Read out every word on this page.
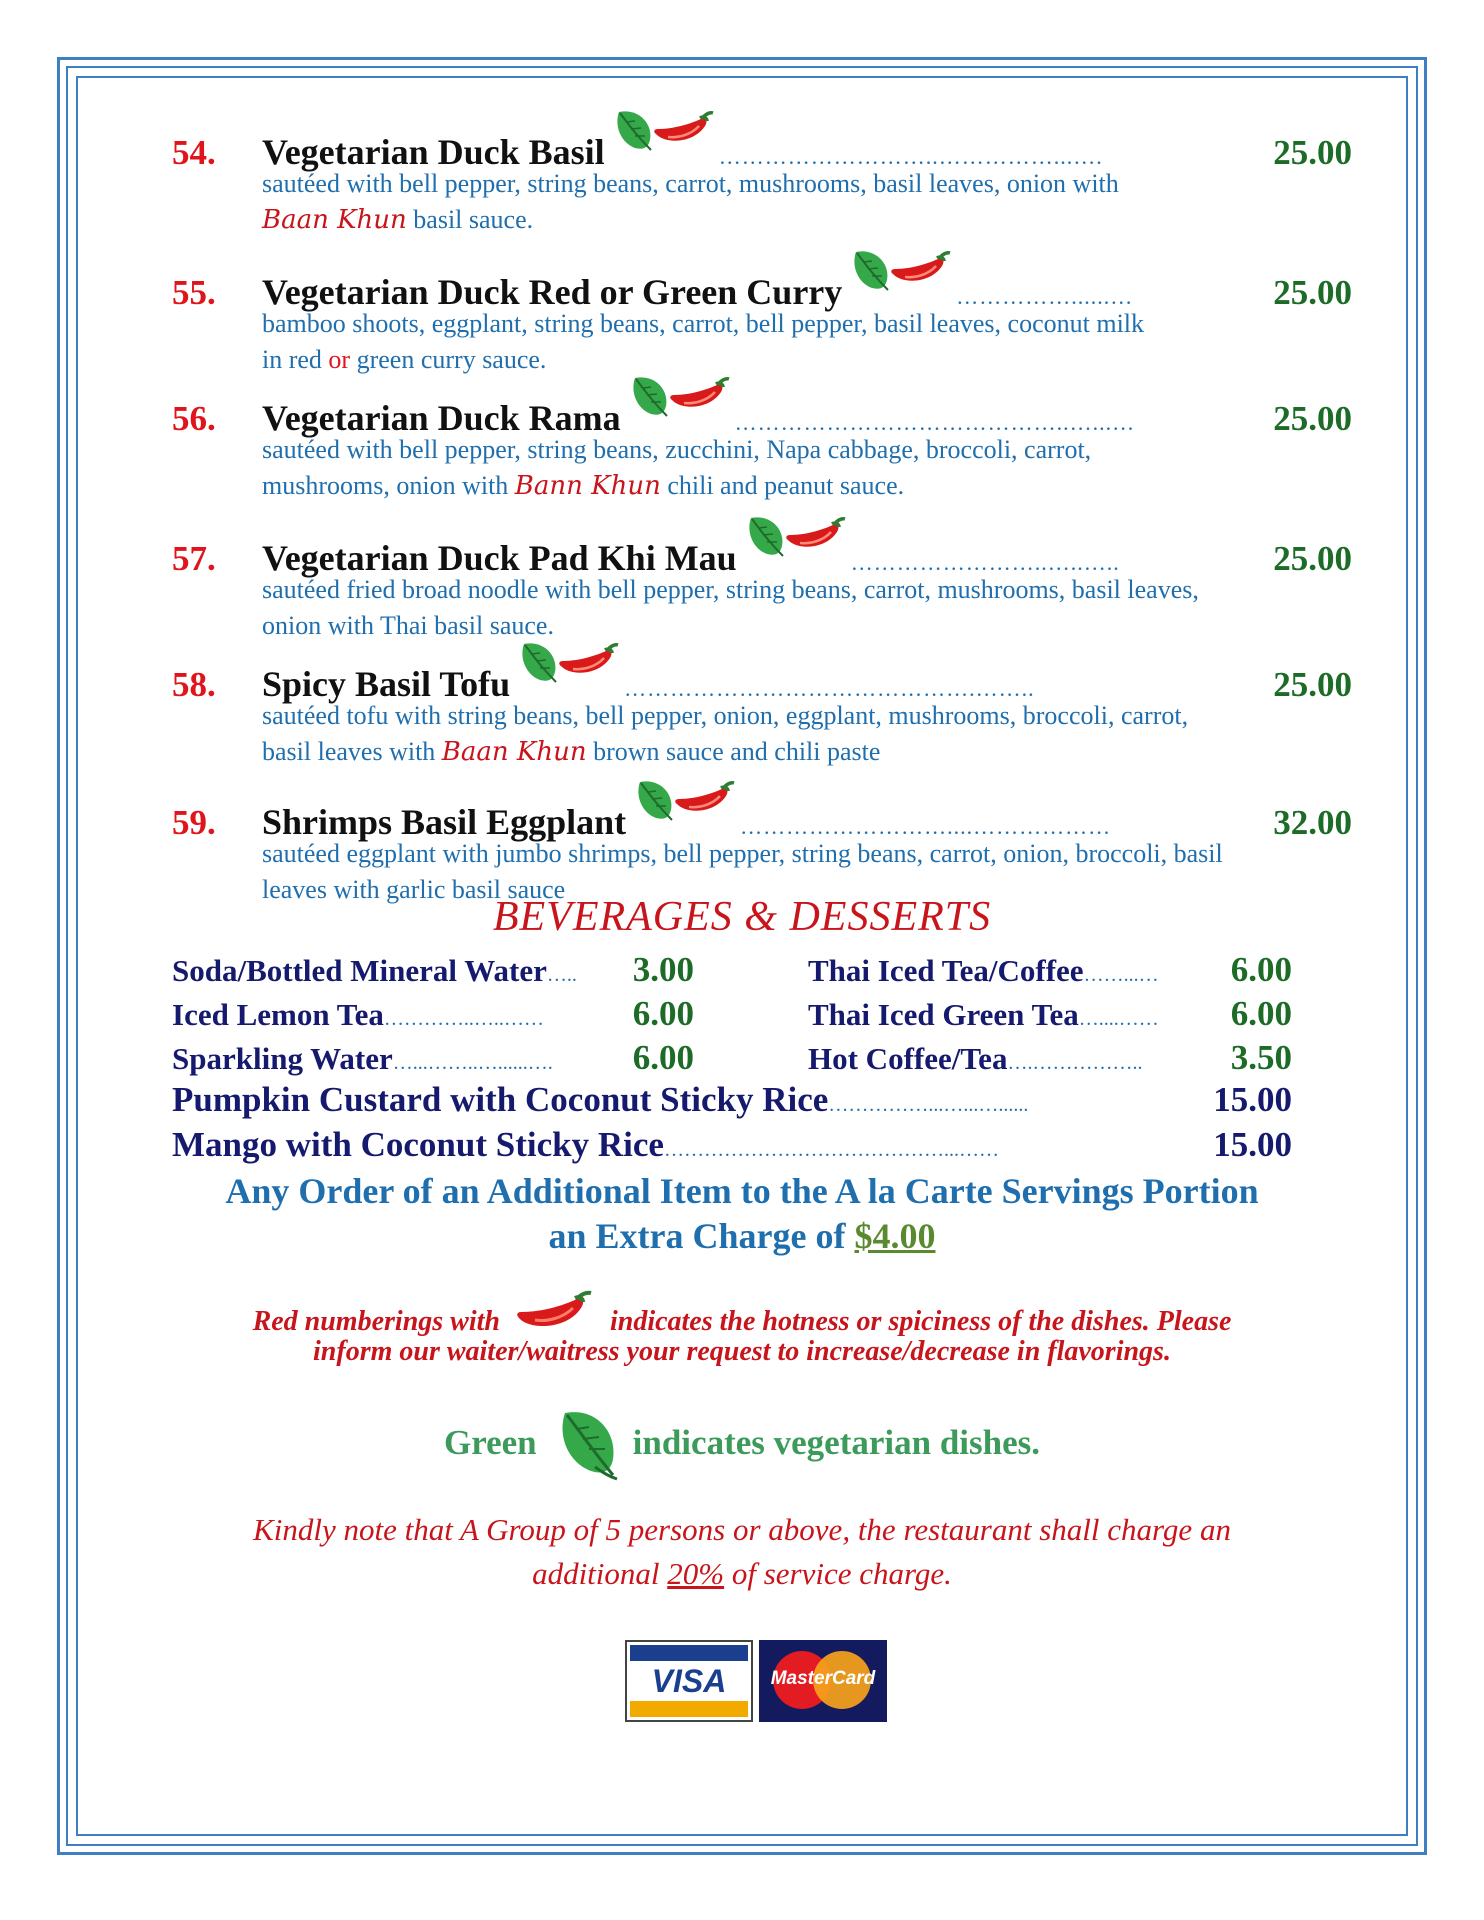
54.	Vegetarian Duck Basil	………………………..……………...….	25.00
sautéed with bell pepper, string beans, carrot, mushrooms, basil leaves, onion with
Baan Khun basil sauce.
55.	Vegetarian Duck Red or Green Curry	……………......…	25.00
bamboo shoots, eggplant, string beans, carrot, bell pepper, basil leaves, coconut milk
in red or green curry sauce.
56.	Vegetarian Duck Rama	……………………………………..…...…	25.00
sautéed with bell pepper, string beans, zucchini, Napa cabbage, broccoli, carrot,
mushrooms, onion with Bann Khun chili and peanut sauce.
57.	Vegetarian Duck Pad Khi Mau	……………………..…..…..	25.00
sautéed fried broad noodle with bell pepper, string beans, carrot, mushrooms, basil leaves,
onion with Thai basil sauce.
58.	Spicy Basil Tofu	……………………………………….……..	25.00
sautéed tofu with string beans, bell pepper, onion, eggplant, mushrooms, broccoli, carrot,
basil leaves with Baan Khun brown sauce and chili paste
59.	Shrimps Basil Eggplant	………………………....………………	32.00
sautéed eggplant with jumbo shrimps, bell pepper, string beans, carrot, onion, broccoli, basil
leaves with garlic basil sauce
BEVERAGES & DESSERTS
Soda/Bottled Mineral Water …..	3.00	Thai Iced Tea/Coffee ……...…	6.00
Iced Lemon Tea …………..…..……	6.00	Thai Iced Green Tea …....……	6.00
Sparkling Water …...……..…......….	6.00	Hot Coffee/Tea ….……………..	3.50
Pumpkin Custard with Coconut Sticky Rice ……………...…...…......	15.00
Mango with Coconut Sticky Rice ……………………………………...……	15.00
Any Order of an Additional Item to the A la Carte Servings Portion
an Extra Charge of $4.00
Red numberings with	indicates the hotness or spiciness of the dishes. Please
inform our waiter/waitress your request to increase/decrease in flavorings.
Green	indicates vegetarian dishes.
Kindly note that A Group of 5 persons or above, the restaurant shall charge an
additional 20% of service charge.
VISA	MasterCard
